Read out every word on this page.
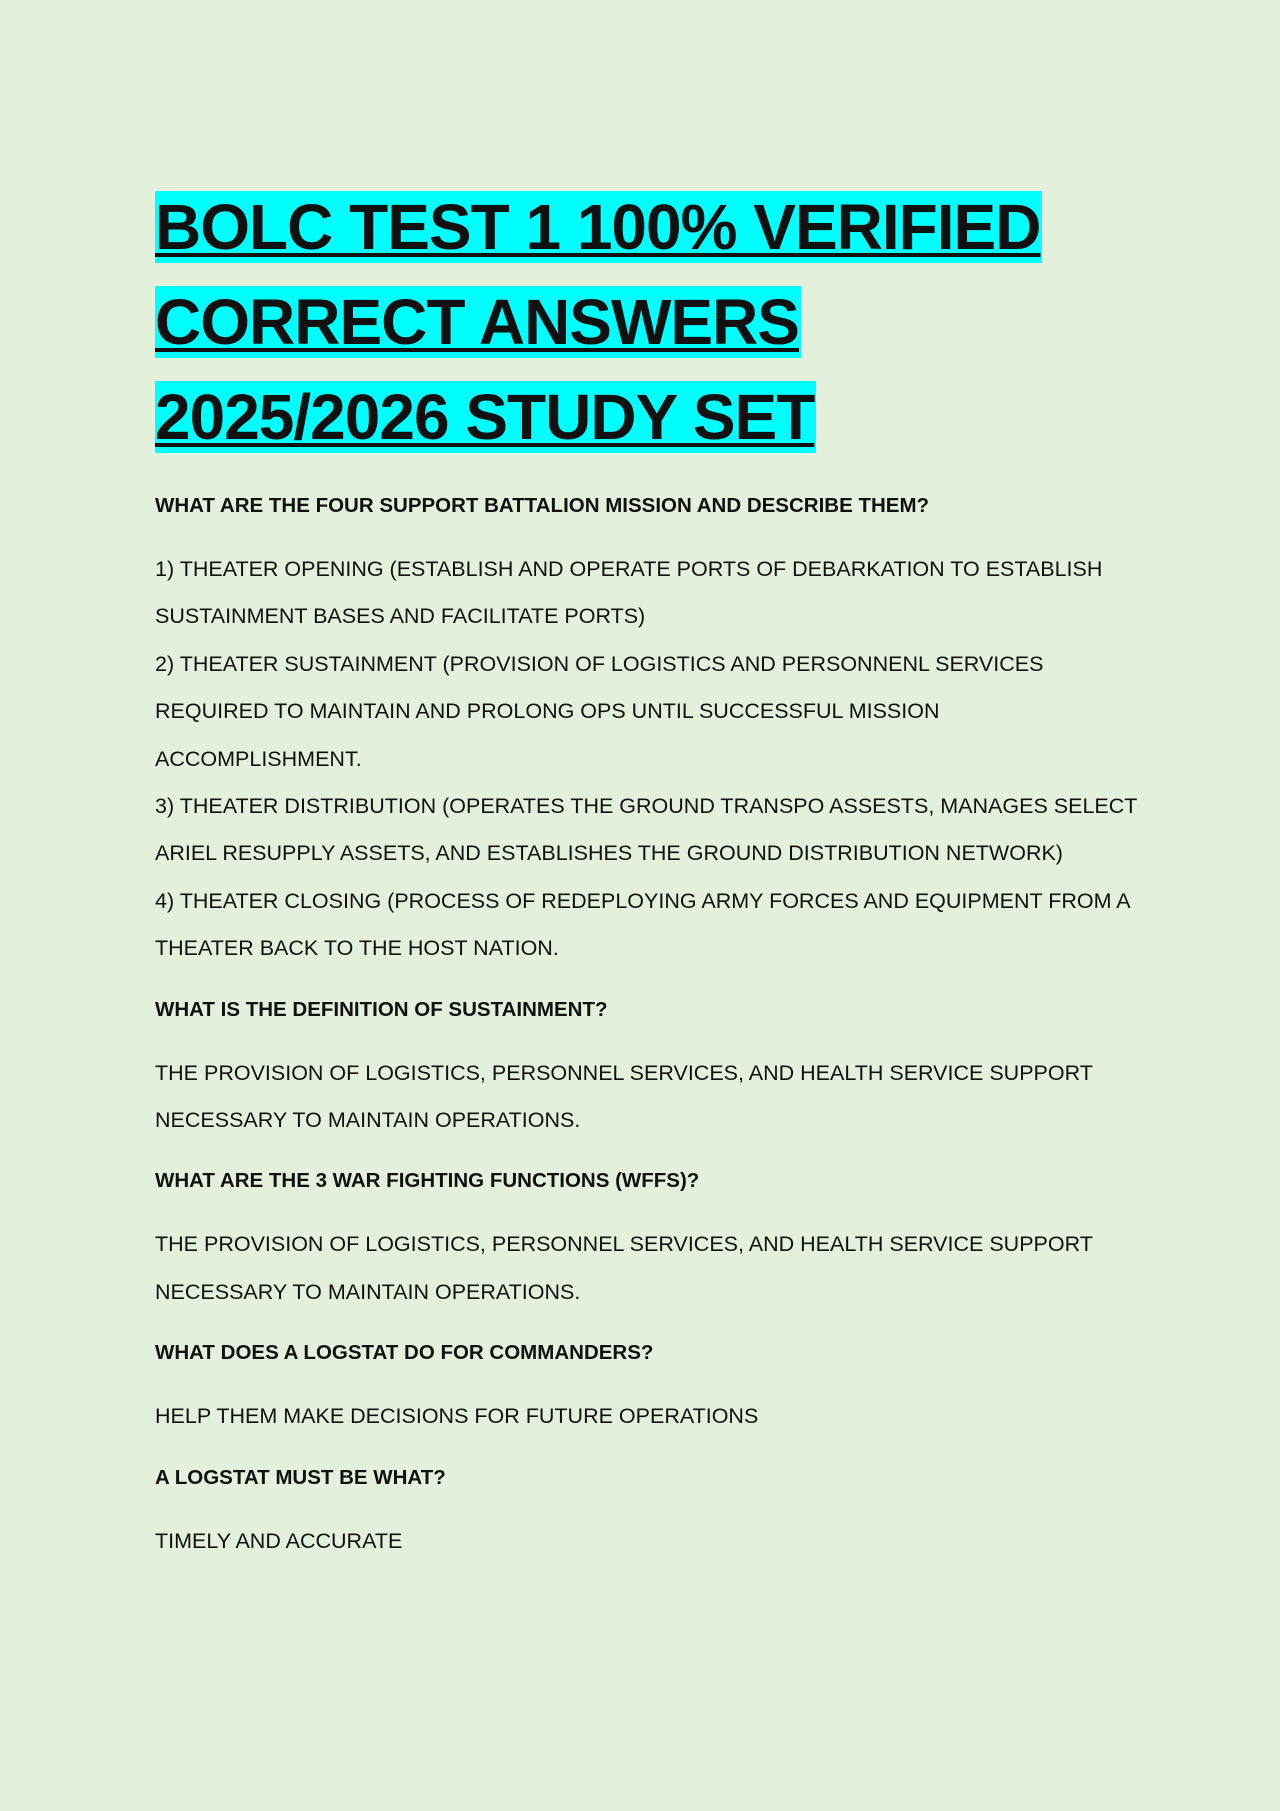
BOLC TEST 1 100% VERIFIED
CORRECT ANSWERS
2025/2026 STUDY SET
WHAT ARE THE FOUR SUPPORT BATTALION MISSION AND DESCRIBE THEM?
1) THEATER OPENING (ESTABLISH AND OPERATE PORTS OF DEBARKATION TO ESTABLISH
SUSTAINMENT BASES AND FACILITATE PORTS)
2) THEATER SUSTAINMENT (PROVISION OF LOGISTICS AND PERSONNENL SERVICES
REQUIRED TO MAINTAIN AND PROLONG OPS UNTIL SUCCESSFUL MISSION
ACCOMPLISHMENT.
3) THEATER DISTRIBUTION (OPERATES THE GROUND TRANSPO ASSESTS, MANAGES SELECT
ARIEL RESUPPLY ASSETS, AND ESTABLISHES THE GROUND DISTRIBUTION NETWORK)
4) THEATER CLOSING (PROCESS OF REDEPLOYING ARMY FORCES AND EQUIPMENT FROM A
THEATER BACK TO THE HOST NATION.
WHAT IS THE DEFINITION OF SUSTAINMENT?
THE PROVISION OF LOGISTICS, PERSONNEL SERVICES, AND HEALTH SERVICE SUPPORT
NECESSARY TO MAINTAIN OPERATIONS.
WHAT ARE THE 3 WAR FIGHTING FUNCTIONS (WFFS)?
THE PROVISION OF LOGISTICS, PERSONNEL SERVICES, AND HEALTH SERVICE SUPPORT
NECESSARY TO MAINTAIN OPERATIONS.
WHAT DOES A LOGSTAT DO FOR COMMANDERS?
HELP THEM MAKE DECISIONS FOR FUTURE OPERATIONS
A LOGSTAT MUST BE WHAT?
TIMELY AND ACCURATE
